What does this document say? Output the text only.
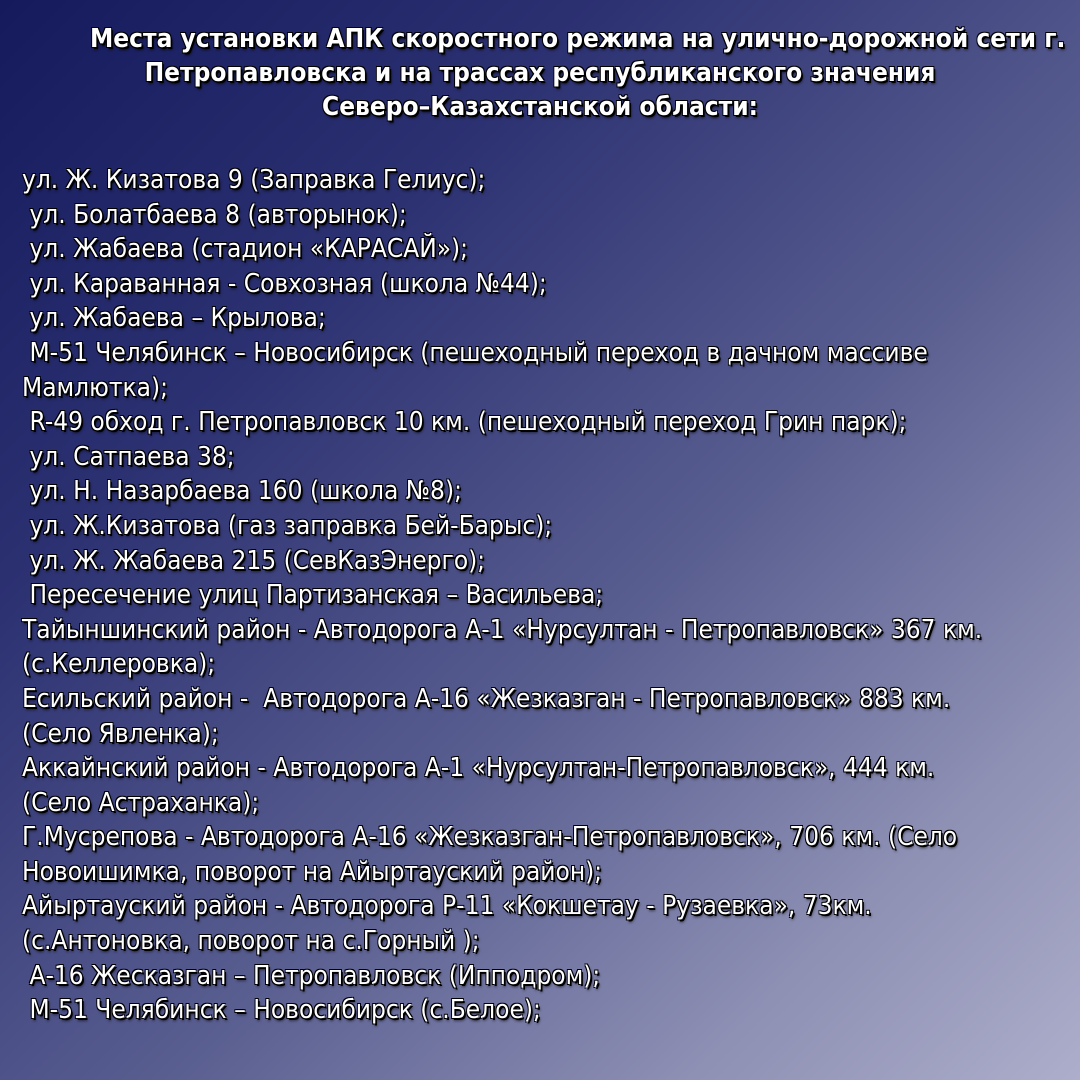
Места установки АПК скоростного режима на улично-дорожной сети г.
Петропавловска и на трассах республиканского значения
Северо–Казахстанской области:
ул. Ж. Кизатова 9 (Заправка Гелиус);
ул. Болатбаева 8 (авторынок);
ул. Жабаева (стадион «КАРАСАЙ»);
ул. Караванная - Совхозная (школа №44);
ул. Жабаева – Крылова;
М-51 Челябинск – Новосибирск (пешеходный переход в дачном массиве
Мамлютка);
R-49 обход г. Петропавловск 10 км. (пешеходный переход Грин парк);
ул. Сатпаева 38;
ул. Н. Назарбаева 160 (школа №8);
ул. Ж.Кизатова (газ заправка Бей-Барыс);
ул. Ж. Жабаева 215 (СевКазЭнерго);
Пересечение улиц Партизанская – Васильева;
Тайыншинский район - Автодорога А-1 «Нурсултан - Петропавловск» 367 км.
(с.Келлеровка);
Есильский район -  Автодорога А-16 «Жезказган - Петропавловск» 883 км.
(Село Явленка);
Аккайнский район - Автодорога А-1 «Нурсултан-Петропавловск», 444 км.
(Село Астраханка);
Г.Мусрепова - Автодорога А-16 «Жезказган-Петропавловск», 706 км. (Село
Новоишимка, поворот на Айыртауский район);
Айыртауский район - Автодорога Р-11 «Кокшетау - Рузаевка», 73км.
(с.Антоновка, поворот на с.Горный );
А-16 Жесказган – Петропавловск (Ипподром);
М-51 Челябинск – Новосибирск (с.Белое);
